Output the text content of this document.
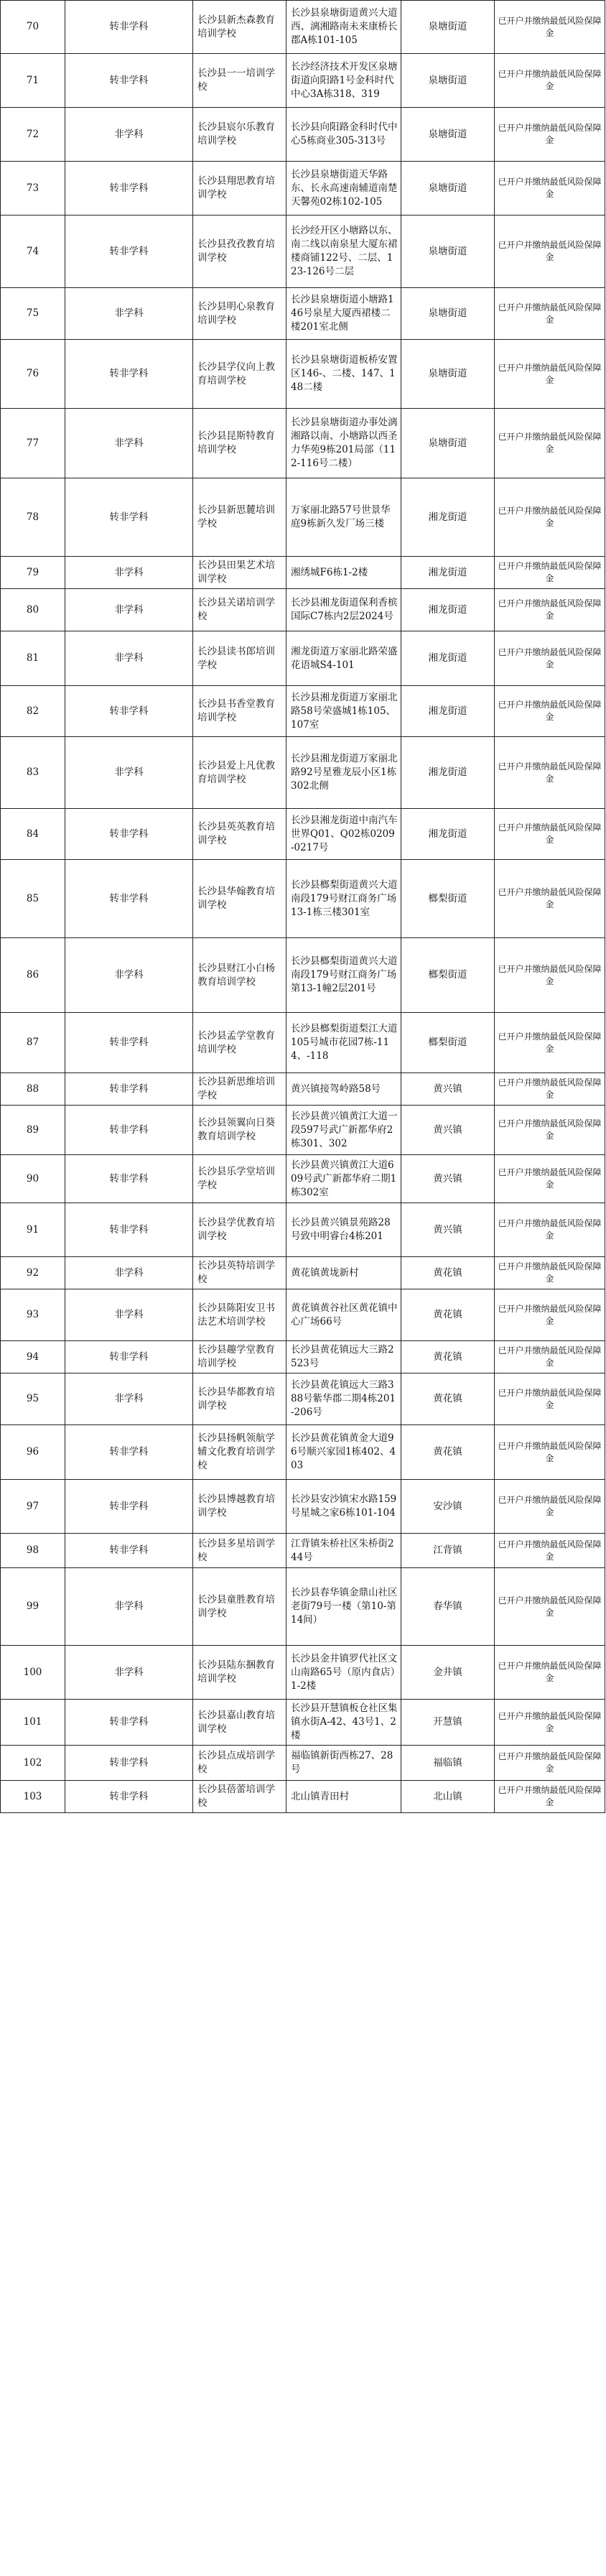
70	转非学科	长沙县新杰森教育培训学校	长沙县泉塘街道黄兴大道西、漓湘路南未来康桥长郡A栋101-105	泉塘街道	已开户并缴纳最低风险保障金
71	转非学科	长沙县一一培训学校	长沙经济技术开发区泉塘街道向阳路1号金科时代中心3A栋318、319	泉塘街道	已开户并缴纳最低风险保障金
72	非学科	长沙县宸尔乐教育培训学校	长沙县向阳路金科时代中心5栋商业305-313号	泉塘街道	已开户并缴纳最低风险保障金
73	转非学科	长沙县翔思教育培训学校	长沙县泉塘街道天华路东、长永高速南辅道南楚天馨苑02栋102-105	泉塘街道	已开户并缴纳最低风险保障金
74	转非学科	长沙县孜孜教育培训学校	长沙经开区小塘路以东、南二线以南泉星大厦东裙楼商铺122号、二层、123-126号二层	泉塘街道	已开户并缴纳最低风险保障金
75	非学科	长沙县明心泉教育培训学校	长沙县泉塘街道小塘路146号泉星大厦西裙楼二楼201室北侧	泉塘街道	已开户并缴纳最低风险保障金
76	转非学科	长沙县学仪向上教育培训学校	长沙县泉塘街道板桥安置区146-、二楼、147、148二楼	泉塘街道	已开户并缴纳最低风险保障金
77	非学科	长沙县昆斯特教育培训学校	长沙县泉塘街道办事处漓湘路以南、小塘路以西圣力华苑9栋201局部（112-116号二楼）	泉塘街道	已开户并缴纳最低风险保障金
78	转非学科	长沙县新思麓培训学校	万家丽北路57号世景华庭9栋新久发厂场三楼	湘龙街道	已开户并缴纳最低风险保障金
79	非学科	长沙县田果艺术培训学校	湘绣城F6栋1-2楼	湘龙街道	已开户并缴纳最低风险保障金
80	非学科	长沙县关诺培训学校	长沙县湘龙街道保利香槟国际C7栋内2层2024号	湘龙街道	已开户并缴纳最低风险保障金
81	非学科	长沙县读书郎培训学校	湘龙街道万家丽北路荣盛花语城S4-101	湘龙街道	已开户并缴纳最低风险保障金
82	转非学科	长沙县书香堂教育培训学校	长沙县湘龙街道万家丽北路58号荣盛城1栋105、107室	湘龙街道	已开户并缴纳最低风险保障金
83	非学科	长沙县爱上凡优教育培训学校	长沙县湘龙街道万家丽北路92号星雅龙辰小区1栋302北侧	湘龙街道	已开户并缴纳最低风险保障金
84	转非学科	长沙县英英教育培训学校	长沙县湘龙街道中南汽车世界Q01、Q02栋0209-0217号	湘龙街道	已开户并缴纳最低风险保障金
85	转非学科	长沙县华翰教育培训学校	长沙县榔梨街道黄兴大道南段179号财江商务广场13-1栋三楼301室	榔梨街道	已开户并缴纳最低风险保障金
86	非学科	长沙县财江小白杨教育培训学校	长沙县榔梨街道黄兴大道南段179号财江商务广场第13-1幢2层201号	榔梨街道	已开户并缴纳最低风险保障金
87	转非学科	长沙县孟学堂教育培训学校	长沙县榔梨街道梨江大道105号城市花园7栋-114、-118	榔梨街道	已开户并缴纳最低风险保障金
88	转非学科	长沙县新思维培训学校	黄兴镇接驾岭路58号	黄兴镇	已开户并缴纳最低风险保障金
89	转非学科	长沙县领翼向日葵教育培训学校	长沙县黄兴镇黄江大道一段597号武广新都华府2栋301、302	黄兴镇	已开户并缴纳最低风险保障金
90	转非学科	长沙县乐学堂培训学校	长沙县黄兴镇黄江大道609号武广新都华府二期1栋302室	黄兴镇	已开户并缴纳最低风险保障金
91	转非学科	长沙县学优教育培训学校	长沙县黄兴镇景苑路28号致中明睿台4栋201	黄兴镇	已开户并缴纳最低风险保障金
92	非学科	长沙县英特培训学校	黄花镇黄垅新村	黄花镇	已开户并缴纳最低风险保障金
93	非学科	长沙县陈阳安卫书法艺术培训学校	黄花镇黄谷社区黄花镇中心广场66号	黄花镇	已开户并缴纳最低风险保障金
94	转非学科	长沙县趣学堂教育培训学校	长沙县黄花镇远大三路2523号	黄花镇	已开户并缴纳最低风险保障金
95	非学科	长沙县华都教育培训学校	长沙县黄花镇远大三路388号紫华郡二期4栋201-206号	黄花镇	已开户并缴纳最低风险保障金
96	转非学科	长沙县扬帆领航学辅文化教育培训学校	长沙县黄花镇黄金大道96号顺兴家园1栋402、403	黄花镇	已开户并缴纳最低风险保障金
97	转非学科	长沙县博越教育培训学校	长沙县安沙镇宋水路159号星城之家6栋101-104	安沙镇	已开户并缴纳最低风险保障金
98	转非学科	长沙县多星培训学校	江背镇朱桥社区朱桥街244号	江背镇	已开户并缴纳最低风险保障金
99	非学科	长沙县童胜教育培训学校	长沙县春华镇金鼎山社区老街79号一楼（第10-第14间）	春华镇	已开户并缴纳最低风险保障金
100	非学科	长沙县陆东捆教育培训学校	长沙县金井镇罗代社区文山南路65号（原内食店）1-2楼	金井镇	已开户并缴纳最低风险保障金
101	转非学科	长沙县嘉山教育培训学校	长沙县开慧镇板仓社区集镇水街A-42、43号1、2楼	开慧镇	已开户并缴纳最低风险保障金
102	转非学科	长沙县点成培训学校	福临镇新街西栋27、28号	福临镇	已开户并缴纳最低风险保障金
103	转非学科	长沙县蓓蕾培训学校	北山镇青田村	北山镇	已开户并缴纳最低风险保障金
